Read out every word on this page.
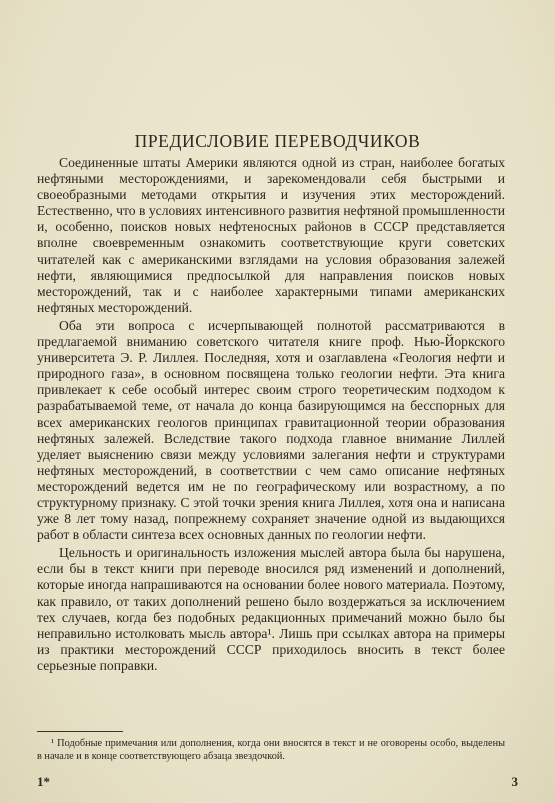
ПРЕДИСЛОВИЕ ПЕРЕВОДЧИКОВ

Соединенные штаты Америки являются одной из стран, наиболее богатых нефтяными месторождениями, и зарекомендовали себя быстрыми и своеобразными методами открытия и изучения этих месторождений. Естественно, что в условиях интенсивного развития нефтяной промышленности и, особенно, поисков новых нефтеносных районов в СССР представляется вполне своевременным ознакомить соответствующие круги советских читателей как с американскими взглядами на условия образования залежей нефти, являющимися предпосылкой для направления поисков новых месторождений, так и с наиболее характерными типами американских нефтяных месторождений.

Оба эти вопроса с исчерпывающей полнотой рассматриваются в предлагаемой вниманию советского читателя книге проф. Нью-Йоркского университета Э. Р. Лиллея. Последняя, хотя и озаглавлена «Геология нефти и природного газа», в основном посвящена только геологии нефти. Эта книга привлекает к себе особый интерес своим строго теоретическим подходом к разрабатываемой теме, от начала до конца базирующимся на бесспорных для всех американских геологов принципах гравитационной теории образования нефтяных залежей. Вследствие такого подхода главное внимание Лиллей уделяет выяснению связи между условиями залегания нефти и структурами нефтяных месторождений, в соответствии с чем само описание нефтяных месторождений ведется им не по географическому или возрастному, а по структурному признаку. С этой точки зрения книга Лиллея, хотя она и написана уже 8 лет тому назад, попрежнему сохраняет значение одной из выдающихся работ в области синтеза всех основных данных по геологии нефти.

Цельность и оригинальность изложения мыслей автора была бы нарушена, если бы в текст книги при переводе вносился ряд изменений и дополнений, которые иногда напрашиваются на основании более нового материала. Поэтому, как правило, от таких дополнений решено было воздержаться за исключением тех случаев, когда без подобных редакционных примечаний можно было бы неправильно истолковать мысль автора¹. Лишь при ссылках автора на примеры из практики месторождений СССР приходилось вносить в текст более серьезные поправки.

¹ Подобные примечания или дополнения, когда они вносятся в текст и не оговорены особо, выделены в начале и в конце соответствующего абзаца звездочкой.

1*	3
